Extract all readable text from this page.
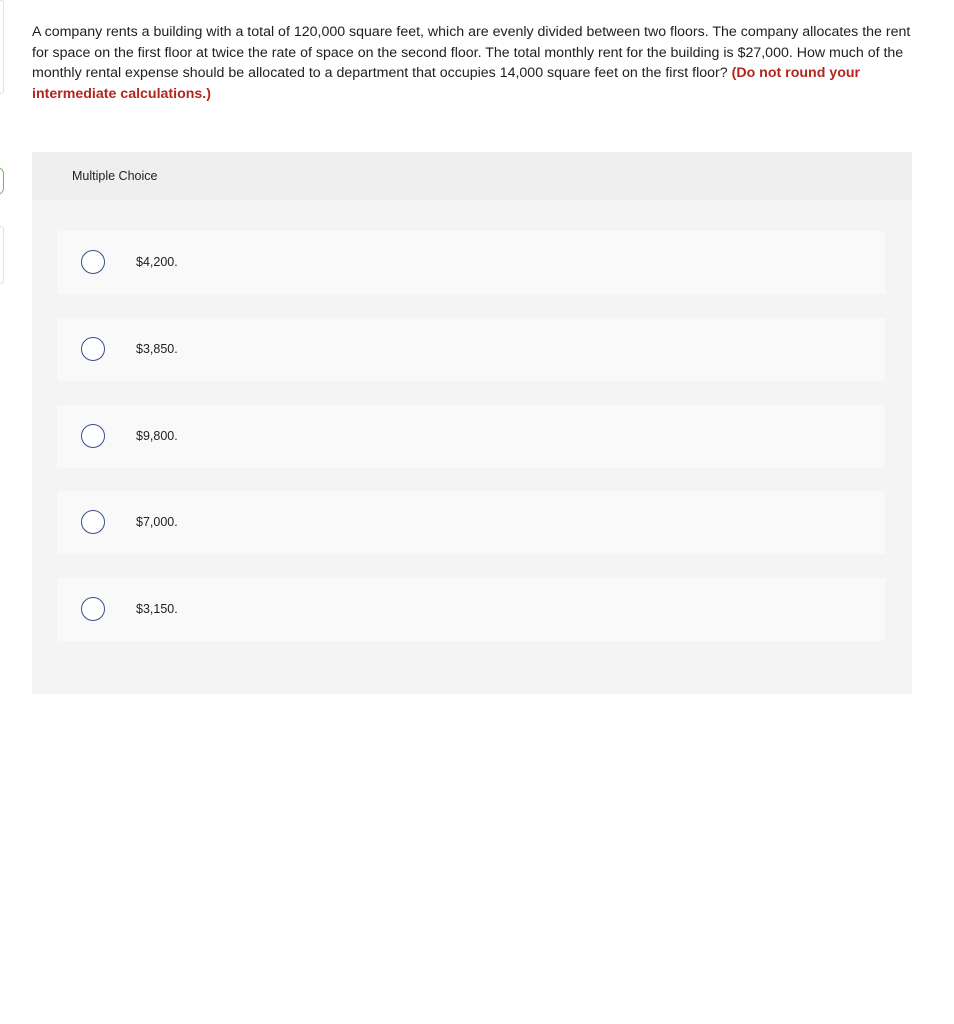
A company rents a building with a total of 120,000 square feet, which are evenly divided between two floors. The company allocates the rent for space on the first floor at twice the rate of space on the second floor. The total monthly rent for the building is $27,000. How much of the monthly rental expense should be allocated to a department that occupies 14,000 square feet on the first floor? (Do not round your intermediate calculations.)

Multiple Choice
$4,200.
$3,850.
$9,800.
$7,000.
$3,150.
